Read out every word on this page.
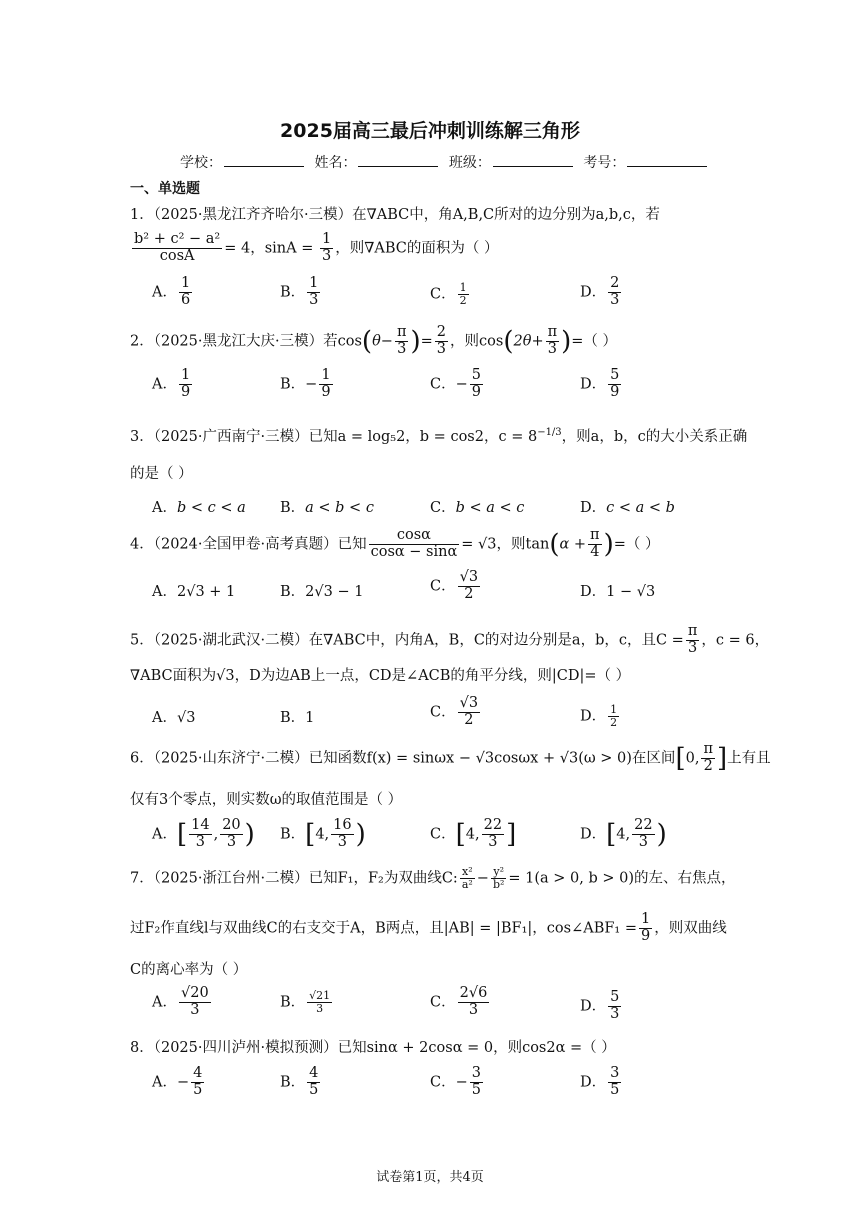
2025届高三最后冲刺训练解三角形
学校：	姓名：	班级：	考号：
一、单选题
1．（2025·黑龙江齐齐哈尔·三模）在∇ABC中，角A,B,C所对的边分别为a,b,c，若
$\frac{\text{b² + c² − a²}}{\cos A} = 4$，$\sin A = \frac{1}{3}$ ，则∇ABC的面积为（ ）
A． $\frac{1}{6}$	B． $\frac{1}{3}$	C． $\frac{1}{2}$	D． $\frac{2}{3}$
2．（2025·黑龙江大庆·三模）若$\cos(\theta- \frac{\pi}{3}$ )= $\frac{2}{3}$ ，则$\cos(2\theta+ \frac{\pi}{3}$ )=（ ）
A． $\frac{1}{9}$	B．− $\frac{1}{9}$	C．− $\frac{5}{9}$	D． $\frac{5}{9}$
3．（2025·广西南宁·三模）已知a = log₅2，b = cos2，$c = 8^{-1/3}$，则a，b，c的大小关系正确
的是（ ）
A．b < c < a B．a < b < c	C．b < a < c	D．c < a < b
4．（2024·全国甲卷·高考真题）已知 $\frac{\cos\alpha}{\cos\alpha - \sin\alpha} = √3$，则$\tan(\alpha + \frac{\pi}{4}$ )=（ ）
A．2√3 + 1	B．2√3 − 1	C． $\frac{√3}{2}$	D．1 − √3
5．（2025·湖北武汉·二模）在∇ABC中，内角A，B，C的对边分别是a，b，c，且$C = \frac{\pi}{3}$ ，c = 6，
∇ABC面积为√3，D为边AB上一点，CD是∠ACB的角平分线，则|CD|=（ ）
A．√3	B．1	C． $\frac{√3}{2}$	D． $\frac{1}{2}$
6．（2025·山东济宁·二模）已知函数f(x) = sinωx − √3cosωx + √3(ω > 0)在区间[0, $\frac{\pi}{2}$ ]上有且
仅有3个零点，则实数ω的取值范围是（ ）
A．[ $\frac{14}{3}$ , $\frac{20}{3}$ ) B．[4, $\frac{16}{3}$ )	C．[4, $\frac{22}{3}$ ]	D．[4, $\frac{22}{3}$ )
7．（2025·浙江台州·二模）已知F₁，F₂为双曲线C: $\frac{\text{x²}}{\text{a²}} - \frac{\text{y²}}{\text{b²}} = 1(a > 0$, b > 0)的左、右焦点，
过F₂作直线l与双曲线C的右支交于A，B两点，且|AB| = |BF₁|，cos∠ABF₁ = $\frac{1}{9}$ ，则双曲线
C的离心率为（ ）
A． $\frac{√20}{3}$	B． $\frac{√21}{3}$	C． $\frac{2√6}{3}$	D． $\frac{5}{3}$
8．（2025·四川泸州·模拟预测）已知sinα + 2cosα = 0，则cos2α =（ ）
A．− $\frac{4}{5}$	B． $\frac{4}{5}$	C．− $\frac{3}{5}$	D． $\frac{3}{5}$
试卷第1页，共4页
